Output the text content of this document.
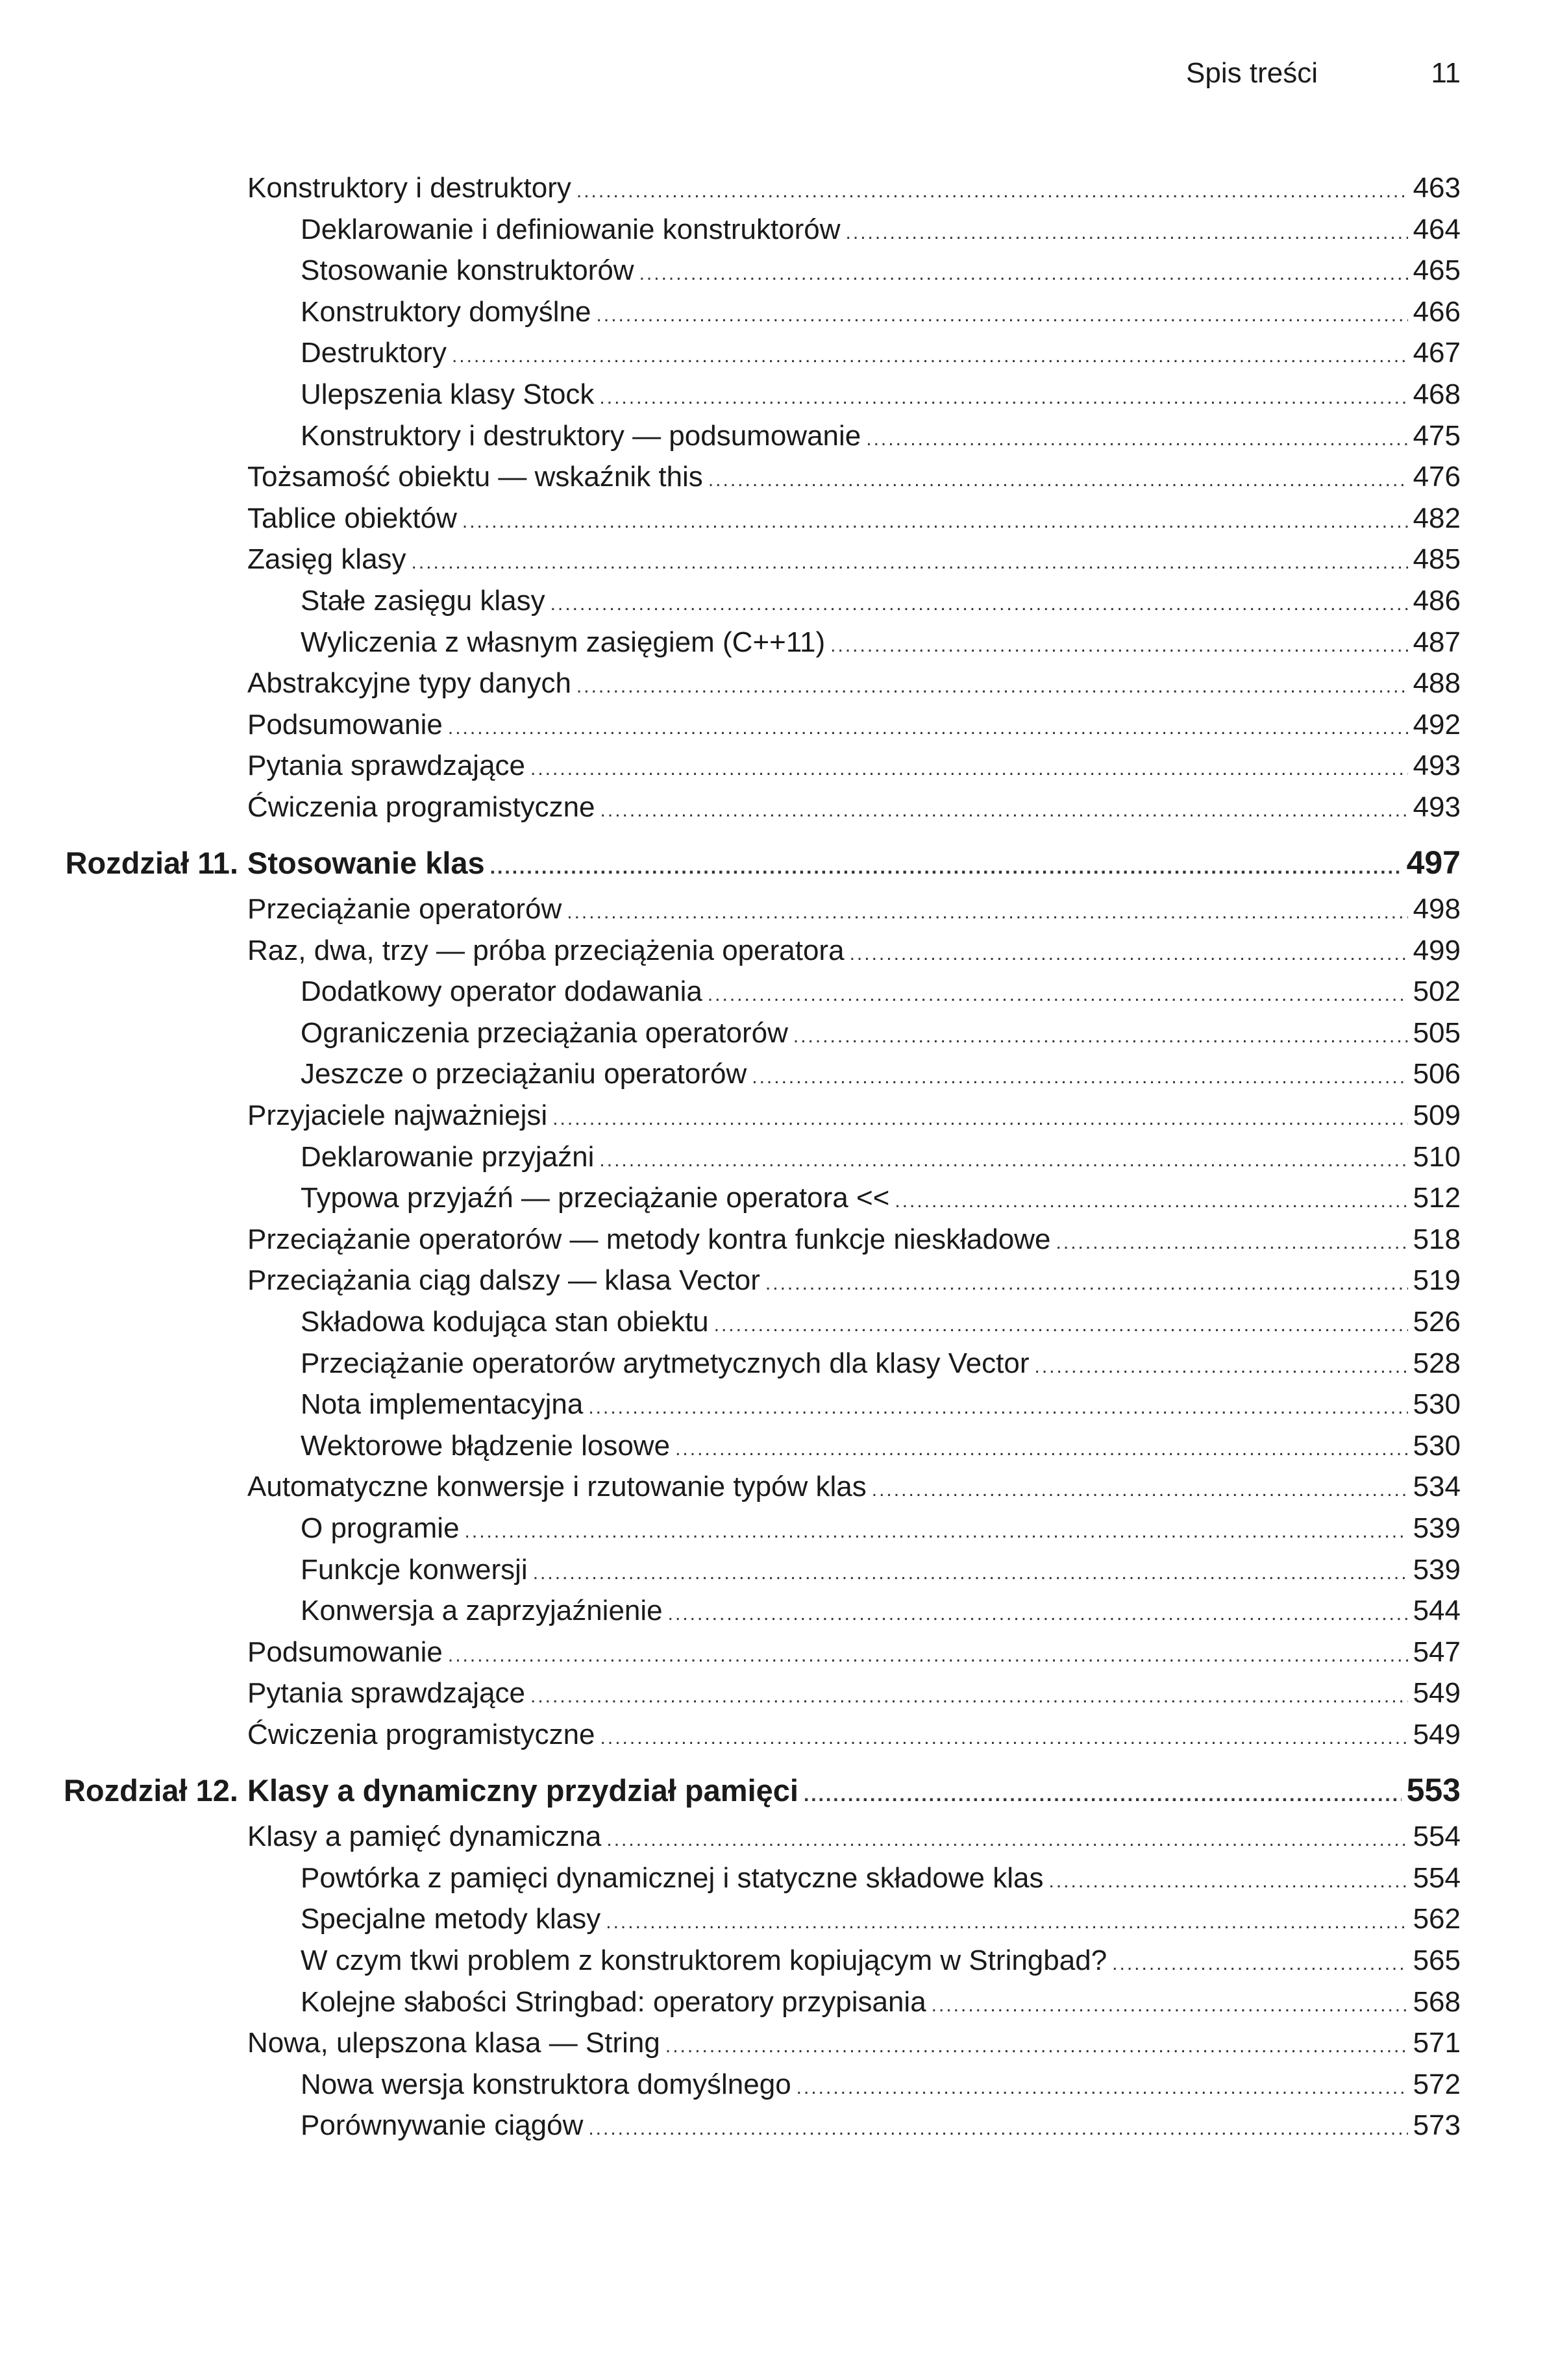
Spis treści	11
Konstruktory i destruktory .....	463
Deklarowanie i definiowanie konstruktorów .....	464
Stosowanie konstruktorów .....	465
Konstruktory domyślne .....	466
Destruktory .....	467
Ulepszenia klasy Stock .....	468
Konstruktory i destruktory — podsumowanie .....	475
Tożsamość obiektu — wskaźnik this .....	476
Tablice obiektów .....	482
Zasięg klasy .....	485
Stałe zasięgu klasy .....	486
Wyliczenia z własnym zasięgiem (C++11) .....	487
Abstrakcyjne typy danych .....	488
Podsumowanie .....	492
Pytania sprawdzające .....	493
Ćwiczenia programistyczne .....	493
Rozdział 11. Stosowanie klas .....	497
Przeciążanie operatorów .....	498
Raz, dwa, trzy — próba przeciążenia operatora .....	499
Dodatkowy operator dodawania .....	502
Ograniczenia przeciążania operatorów .....	505
Jeszcze o przeciążaniu operatorów .....	506
Przyjaciele najważniejsi .....	509
Deklarowanie przyjaźni .....	510
Typowa przyjaźń — przeciążanie operatora << .....	512
Przeciążanie operatorów — metody kontra funkcje nieskładowe .....	518
Przeciążania ciąg dalszy — klasa Vector .....	519
Składowa kodująca stan obiektu .....	526
Przeciążanie operatorów arytmetycznych dla klasy Vector .....	528
Nota implementacyjna .....	530
Wektorowe błądzenie losowe .....	530
Automatyczne konwersje i rzutowanie typów klas .....	534
O programie .....	539
Funkcje konwersji .....	539
Konwersja a zaprzyjaźnienie .....	544
Podsumowanie .....	547
Pytania sprawdzające .....	549
Ćwiczenia programistyczne .....	549
Rozdział 12. Klasy a dynamiczny przydział pamięci .....	553
Klasy a pamięć dynamiczna .....	554
Powtórka z pamięci dynamicznej i statyczne składowe klas .....	554
Specjalne metody klasy .....	562
W czym tkwi problem z konstruktorem kopiującym w Stringbad? .....	565
Kolejne słabości Stringbad: operatory przypisania .....	568
Nowa, ulepszona klasa — String .....	571
Nowa wersja konstruktora domyślnego .....	572
Porównywanie ciągów .....	573
